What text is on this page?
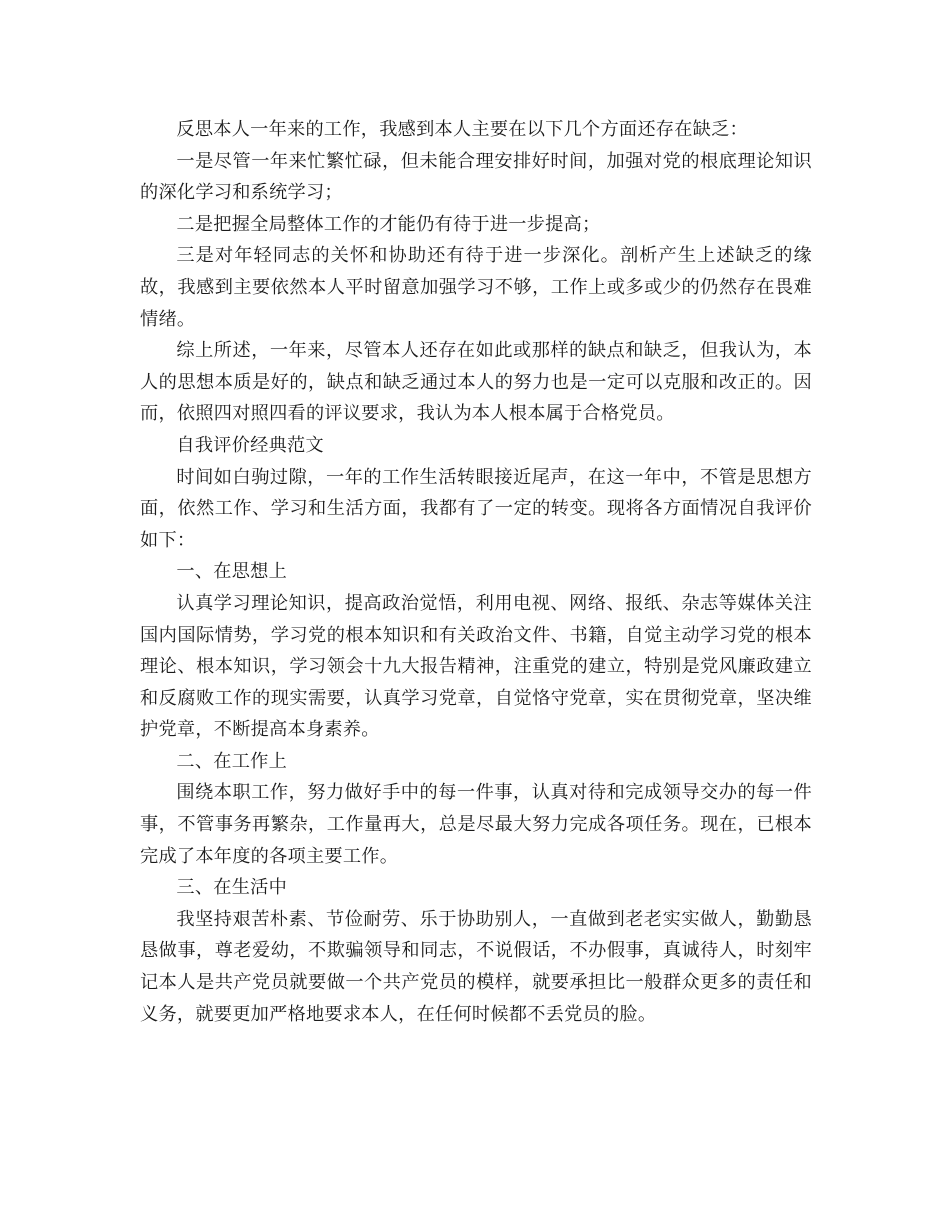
反思本人一年来的工作，我感到本人主要在以下几个方面还存在缺乏：

一是尽管一年来忙繁忙碌，但未能合理安排好时间，加强对党的根底理论知识的深化学习和系统学习；

二是把握全局整体工作的才能仍有待于进一步提高；

三是对年轻同志的关怀和协助还有待于进一步深化。剖析产生上述缺乏的缘故，我感到主要依然本人平时留意加强学习不够，工作上或多或少的仍然存在畏难情绪。

综上所述，一年来，尽管本人还存在如此或那样的缺点和缺乏，但我认为，本人的思想本质是好的，缺点和缺乏通过本人的努力也是一定可以克服和改正的。因而，依照四对照四看的评议要求，我认为本人根本属于合格党员。

自我评价经典范文

时间如白驹过隙，一年的工作生活转眼接近尾声，在这一年中，不管是思想方面，依然工作、学习和生活方面，我都有了一定的转变。现将各方面情况自我评价如下：

一、在思想上

认真学习理论知识，提高政治觉悟，利用电视、网络、报纸、杂志等媒体关注国内国际情势，学习党的根本知识和有关政治文件、书籍，自觉主动学习党的根本理论、根本知识，学习领会十九大报告精神，注重党的建立，特别是党风廉政建立和反腐败工作的现实需要，认真学习党章，自觉恪守党章，实在贯彻党章，坚决维护党章，不断提高本身素养。

二、在工作上

围绕本职工作，努力做好手中的每一件事，认真对待和完成领导交办的每一件事，不管事务再繁杂，工作量再大，总是尽最大努力完成各项任务。现在，已根本完成了本年度的各项主要工作。

三、在生活中

我坚持艰苦朴素、节俭耐劳、乐于协助别人，一直做到老老实实做人，勤勤恳恳做事，尊老爱幼，不欺骗领导和同志，不说假话，不办假事，真诚待人，时刻牢记本人是共产党员就要做一个共产党员的模样，就要承担比一般群众更多的责任和义务，就要更加严格地要求本人，在任何时候都不丢党员的脸。
